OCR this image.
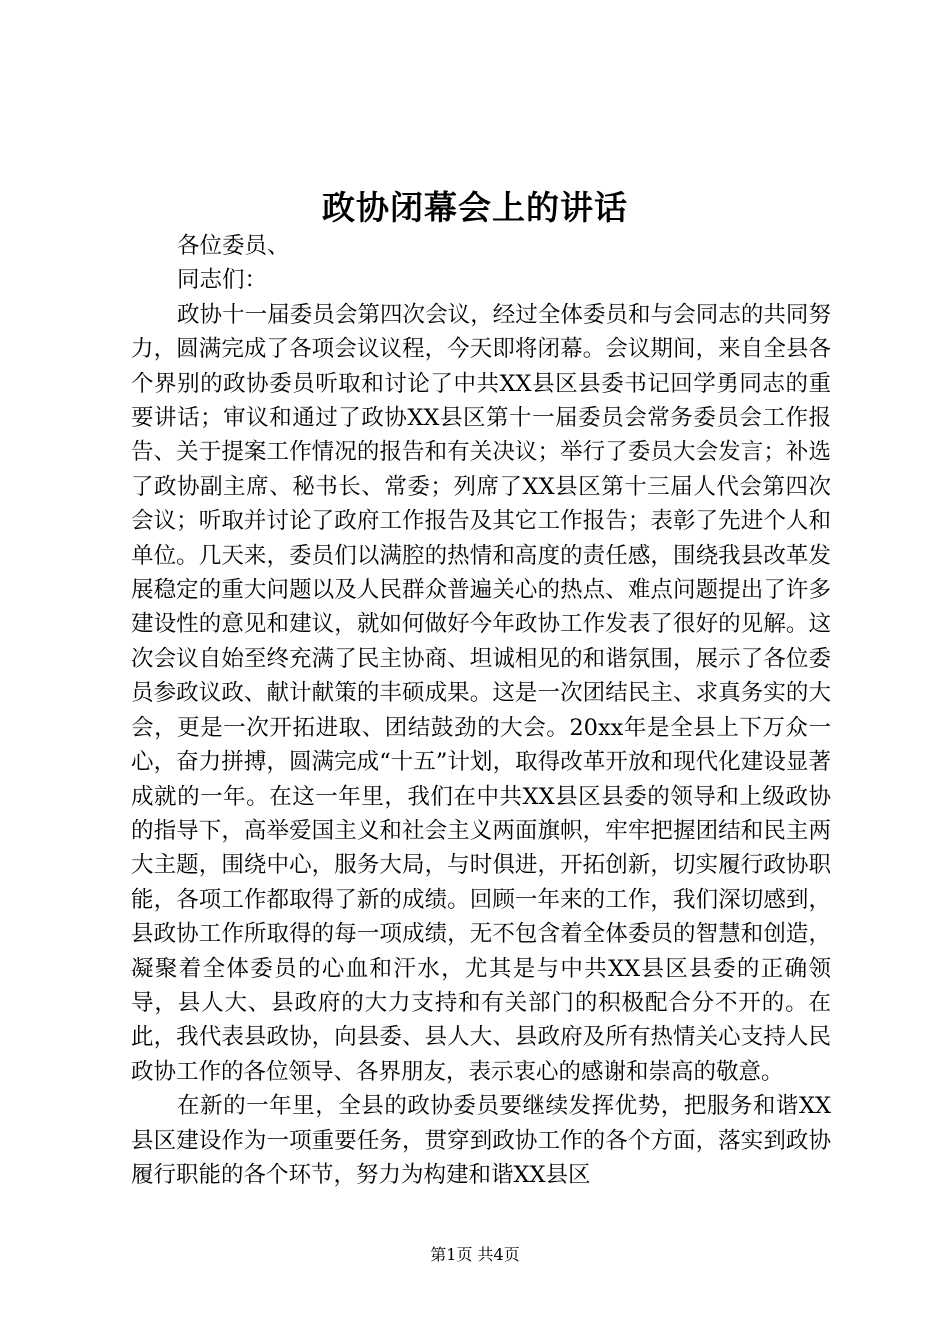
政协闭幕会上的讲话

各位委员、

同志们：

政协十一届委员会第四次会议，经过全体委员和与会同志的共同努力，圆满完成了各项会议议程，今天即将闭幕。会议期间，来自全县各个界别的政协委员听取和讨论了中共XX县区县委书记回学勇同志的重要讲话；审议和通过了政协XX县区第十一届委员会常务委员会工作报告、关于提案工作情况的报告和有关决议；举行了委员大会发言；补选了政协副主席、秘书长、常委；列席了XX县区第十三届人代会第四次会议；听取并讨论了政府工作报告及其它工作报告；表彰了先进个人和单位。几天来，委员们以满腔的热情和高度的责任感，围绕我县改革发展稳定的重大问题以及人民群众普遍关心的热点、难点问题提出了许多建设性的意见和建议，就如何做好今年政协工作发表了很好的见解。这次会议自始至终充满了民主协商、坦诚相见的和谐氛围，展示了各位委员参政议政、献计献策的丰硕成果。这是一次团结民主、求真务实的大会，更是一次开拓进取、团结鼓劲的大会。20xx年是全县上下万众一心，奋力拼搏，圆满完成“十五”计划，取得改革开放和现代化建设显著成就的一年。在这一年里，我们在中共XX县区县委的领导和上级政协的指导下，高举爱国主义和社会主义两面旗帜，牢牢把握团结和民主两大主题，围绕中心，服务大局，与时俱进，开拓创新，切实履行政协职能，各项工作都取得了新的成绩。回顾一年来的工作，我们深切感到，县政协工作所取得的每一项成绩，无不包含着全体委员的智慧和创造，凝聚着全体委员的心血和汗水，尤其是与中共XX县区县委的正确领导，县人大、县政府的大力支持和有关部门的积极配合分不开的。在此，我代表县政协，向县委、县人大、县政府及所有热情关心支持人民政协工作的各位领导、各界朋友，表示衷心的感谢和崇高的敬意。

在新的一年里，全县的政协委员要继续发挥优势，把服务和谐XX县区建设作为一项重要任务，贯穿到政协工作的各个方面，落实到政协履行职能的各个环节，努力为构建和谐XX县区

第1页 共4页
